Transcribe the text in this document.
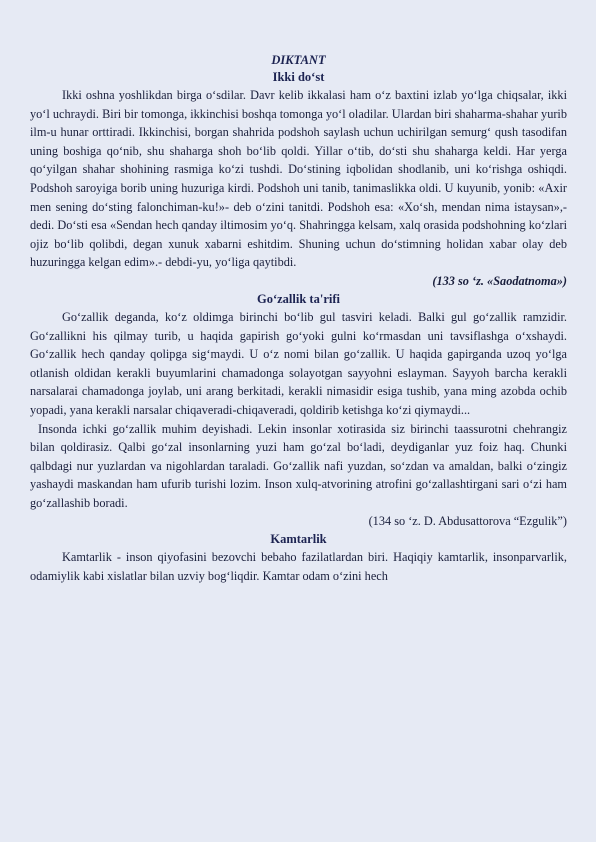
DIKTANT
Ikki do‘st

Ikki oshna yoshlikdan birga o‘sdilar. Davr kelib ikkalasi ham o‘z baxtini izlab yo‘lga chiqsalar, ikki yo‘l uchraydi. Biri bir tomonga, ikkinchisi boshqa tomonga yo‘l oladilar. Ulardan biri shaharma-shahar yurib ilm-u hunar orttiradi. Ikkinchisi, borgan shahrida podshoh saylash uchun uchirilgan semurg‘ qush tasodifan uning boshiga qo‘nib, shu shaharga shoh bo‘lib qoldi. Yillar o‘tib, do‘sti shu shaharga keldi. Har yerga qo‘yilgan shahar shohining rasmiga ko‘zi tushdi. Do‘stining iqbolidan shodlanib, uni ko‘rishga oshiqdi. Podshoh saroyiga borib uning huzuriga kirdi. Podshoh uni tanib, tanimaslikka oldi. U kuyunib, yonib: «Axir men sening do‘sting falonchiman-ku!»- deb o‘zini tanitdi. Podshoh esa: «Xo‘sh, mendan nima istaysan»,- dedi. Do‘sti esa «Sendan hech qanday iltimosim yo‘q. Shahringga kelsam, xalq orasida podshohning ko‘zlari ojiz bo‘lib qolibdi, degan xunuk xabarni eshitdim. Shuning uchun do‘stimning holidan xabar olay deb huzuringga kelgan edim».- debdi-yu, yo‘liga qaytibdi.

(133 so ‘z. «Saodatnoma»)
Go‘zallik ta'rifi

Go‘zallik deganda, ko‘z oldimga birinchi bo‘lib gul tasviri keladi. Balki gul go‘zallik ramzidir. Go‘zallikni his qilmay turib, u haqida gapirish go‘yoki gulni ko‘rmasdan uni tavsiflashga o‘xshaydi. Go‘zallik hech qanday qolipga sig‘maydi. U o‘z nomi bilan go‘zallik. U haqida gapirganda uzoq yo‘lga otlanish oldidan kerakli buyumlarini chamadonga solayotgan sayyohni eslayman. Sayyoh barcha kerakli narsalarai chamadonga joylab, uni arang berkitadi, kerakli nimasidir esiga tushib, yana ming azobda ochib yopadi, yana kerakli narsalar chiqaveradi-chiqaveradi, qoldirib ketishga ko‘zi qiymaydi...

Insonda ichki go‘zallik muhim deyishadi. Lekin insonlar xotirasida siz birinchi taassurotni chehrangiz bilan qoldirasiz. Qalbi go‘zal insonlarning yuzi ham go‘zal bo‘ladi, deydiganlar yuz foiz haq. Chunki qalbdagi nur yuzlardan va nigohlardan taraladi. Go‘zallik nafi yuzdan, so‘zdan va amaldan, balki o‘zingiz yashaydi maskandan ham ufurib turishi lozim. Inson xulq-atvorining atrofini go‘zallashtirgani sari o‘zi ham go‘zallashib boradi.

(134 so ‘z. D. Abdusattorova “Ezgulik”)
Kamtarlik

Kamtarlik - inson qiyofasini bezovchi bebaho fazilatlardan biri. Haqiqiy kamtarlik, insonparvarlik, odamiylik kabi xislatlar bilan uzviy bog‘liqdir. Kamtar odam o‘zini hech
